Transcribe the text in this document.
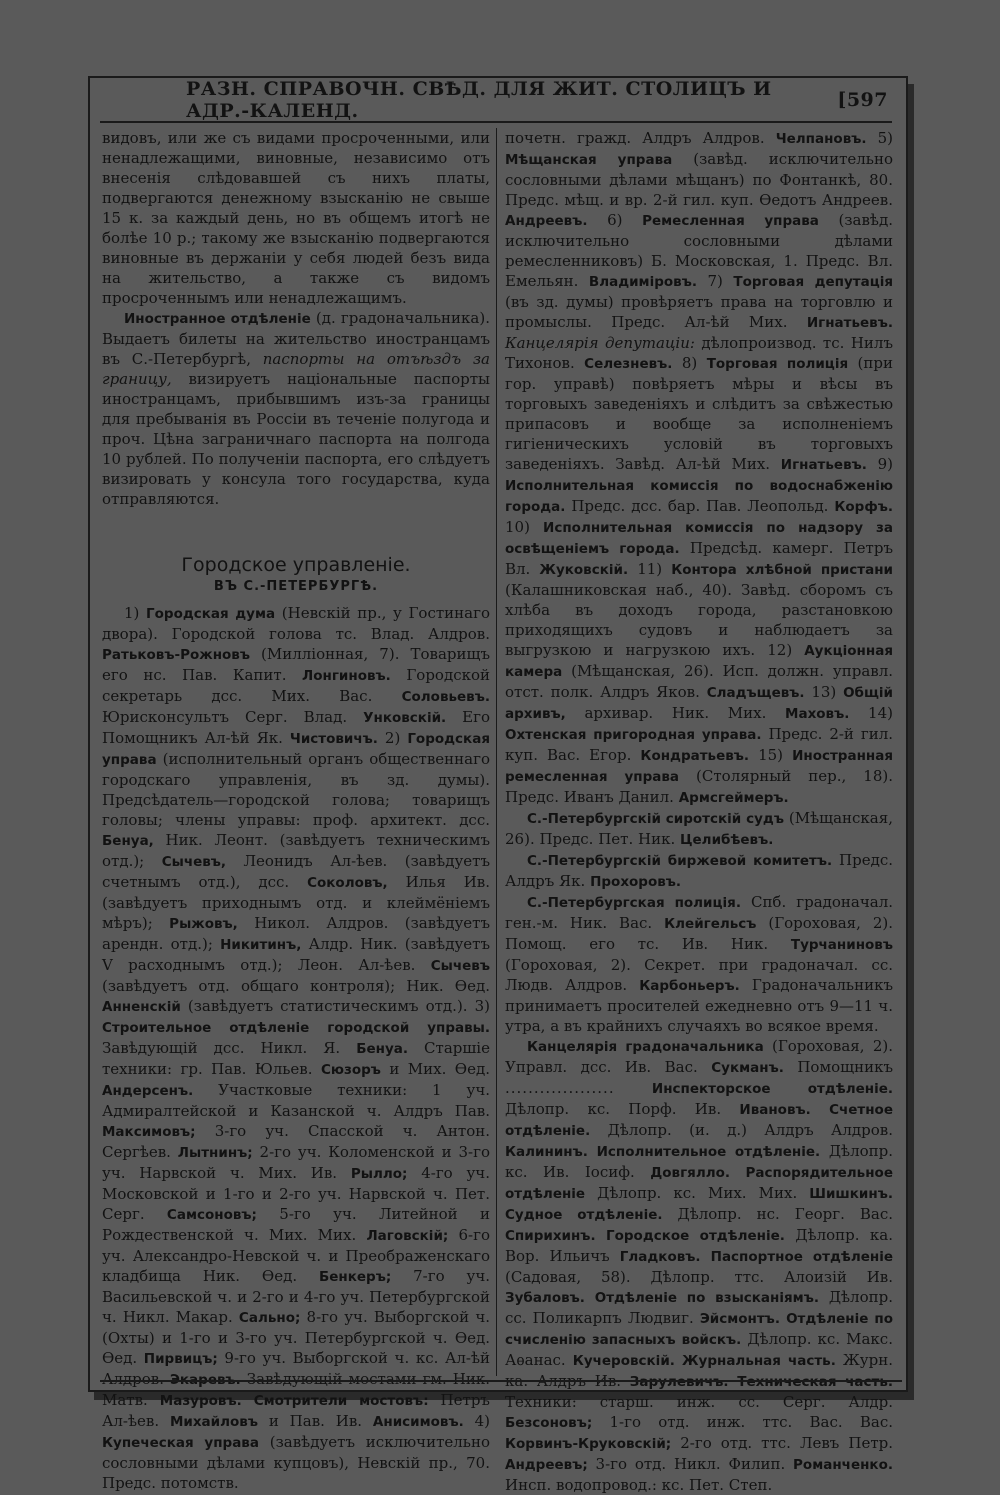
РАЗН. СПРАВОЧН. СВѢД. ДЛЯ ЖИТ. СТОЛИЦЪ И АДР.-КАЛЕНД.	[597

видовъ, или же съ видами просроченными, или ненадлежащими, виновные, независимо отъ внесенія слѣдовавшей съ нихъ платы, подвергаются денежному взысканію не свыше 15 к. за каждый день, но въ общемъ итогѣ не болѣе 10 р.; такому же взысканію подвергаются виновные въ держаніи у себя людей безъ вида на жительство, а также съ видомъ просроченнымъ или ненадлежащимъ.

Иностранное отдѣленіе (д. градоначальника). Выдаетъ билеты на жительство иностранцамъ въ С.-Петербургѣ, паспорты на отъѣздъ за границу, визируетъ національные паспорты иностранцамъ, прибывшимъ изъ-за границы для пребыванія въ Россіи въ теченіе полугода и проч. Цѣна заграничнаго паспорта на полгода 10 рублей. По полученіи паспорта, его слѣдуетъ визировать у консула того государства, куда отправляются.

Городское управленіе.
ВЪ С.-ПЕТЕРБУРГѢ.

1) Городская дума (Невскій пр., у Гостинаго двора). Городской голова тс. Влад. Алдров. Ратьковъ-Рожновъ (Милліонная, 7). Товарищъ его нс. Пав. Капит. Лонгиновъ. Городской секретарь дсс. Мих. Вас. Соловьевъ. Юрисконсультъ Серг. Влад. Унковскій. Его Помощникъ Ал-ѣй Як. Чистовичъ. 2) Городская управа (исполнительный органъ общественнаго городскаго управленія, въ зд. думы). Предсѣдатель—городской голова; товарищъ головы; члены управы: проф. архитект. дсс. Бенуа, Ник. Леонт. (завѣдуетъ техническимъ отд.); Сычевъ, Леонидъ Ал-ѣев. (завѣдуетъ счетнымъ отд.), дсс. Соколовъ, Илья Ив. (завѣдуетъ приходнымъ отд. и клеймёніемъ мѣръ); Рыжовъ, Никол. Алдров. (завѣдуетъ арендн. отд.); Никитинъ, Алдр. Ник. (завѣдуетъ V расходнымъ отд.); Леон. Ал-ѣев. Сычевъ (завѣдуетъ отд. общаго контроля); Ник. Ѳед. Анненскій (завѣдуетъ статистическимъ отд.). 3) Строительное отдѣленіе городской управы. Завѣдующій дсс. Никл. Я. Бенуа. Старшіе техники: гр. Пав. Юльев. Сюзоръ и Мих. Ѳед. Андерсенъ. Участковые техники: 1 уч. Адмиралтейской и Казанской ч. Алдръ Пав. Максимовъ; 3-го уч. Спасской ч. Антон. Сергѣев. Лытнинъ; 2-го уч. Коломенской и 3-го уч. Нарвской ч. Мих. Ив. Рылло; 4-го уч. Московской и 1-го и 2-го уч. Нарвской ч. Пет. Серг. Самсоновъ; 5-го уч. Литейной и Рождественской ч. Мих. Мих. Лаговскій; 6-го уч. Александро-Невской ч. и Преображенскаго кладбища Ник. Ѳед. Бенкеръ; 7-го уч. Васильевской ч. и 2-го и 4-го уч. Петербургской ч. Никл. Макар. Сально; 8-го уч. Выборгской ч. (Охты) и 1-го и 3-го уч. Петербургской ч. Ѳед. Ѳед. Пирвицъ; 9-го уч. Выборгской ч. кс. Ал-ѣй Алдров. Экаревъ. Завѣдующій мостами гм. Ник. Матв. Мазуровъ. Смотрители мостовъ: Петръ Ал-ѣев. Михайловъ и Пав. Ив. Анисимовъ. 4) Купеческая управа (завѣдуетъ исключительно сословными дѣлами купцовъ), Невскій пр., 70. Предс. потомств.

почетн. гражд. Алдръ Алдров. Челпановъ. 5) Мѣщанская управа (завѣд. исключительно сословными дѣлами мѣщанъ) по Фонтанкѣ, 80. Предс. мѣщ. и вр. 2-й гил. куп. Ѳедотъ Андреев. Андреевъ. 6) Ремесленная управа (завѣд. исключительно сословными дѣлами ремесленниковъ) Б. Московская, 1. Предс. Вл. Емельян. Владиміровъ. 7) Торговая депутація (въ зд. думы) провѣряетъ права на торговлю и промыслы. Предс. Ал-ѣй Мих. Игнатьевъ. Канцелярія депутаціи: дѣлопроизвод. тс. Нилъ Тихонов. Селезневъ. 8) Торговая полиція (при гор. управѣ) повѣряетъ мѣры и вѣсы въ торговыхъ заведеніяхъ и слѣдитъ за свѣжестью припасовъ и вообще за исполненіемъ гигіеническихъ условій въ торговыхъ заведеніяхъ. Завѣд. Ал-ѣй Мих. Игнатьевъ. 9) Исполнительная комиссія по водоснабженію города. Предс. дсс. бар. Пав. Леопольд. Корфъ. 10) Исполнительная комиссія по надзору за освѣщеніемъ города. Предсѣд. камерг. Петръ Вл. Жуковскій. 11) Контора хлѣбной пристани (Калашниковская наб., 40). Завѣд. сборомъ съ хлѣба въ доходъ города, разстановкою приходящихъ судовъ и наблюдаетъ за выгрузкою и нагрузкою ихъ. 12) Аукціонная камера (Мѣщанская, 26). Исп. должн. управл. отст. полк. Алдръ Яков. Сладъщевъ. 13) Общій архивъ, архивар. Ник. Мих. Маховъ. 14) Охтенская пригородная управа. Предс. 2-й гил. куп. Вас. Егор. Кондратьевъ. 15) Иностранная ремесленная управа (Столярный пер., 18). Предс. Иванъ Данил. Армсгеймеръ.

С.-Петербургскій сиротскій судъ (Мѣщанская, 26). Предс. Пет. Ник. Целибѣевъ.

С.-Петербургскій биржевой комитетъ. Предс. Алдръ Як. Прохоровъ.

С.-Петербургская полиція. Спб. градоначал. ген.-м. Ник. Вас. Клейгельсъ (Гороховая, 2). Помощ. его тс. Ив. Ник. Турчаниновъ (Гороховая, 2). Секрет. при градоначал. сс. Людв. Алдров. Карбоньеръ. Градоначальникъ принимаетъ просителей ежедневно отъ 9—11 ч. утра, а въ крайнихъ случаяхъ во всякое время.

Канцелярія градоначальника (Гороховая, 2). Управл. дсс. Ив. Вас. Сукманъ. Помощникъ ...................	Инспекторское отдѣленіе. Дѣлопр. кс. Порф. Ив. Ивановъ. Счетное отдѣленіе. Дѣлопр. (и. д.) Алдръ Алдров. Калининъ. Исполнительное отдѣленіе. Дѣлопр. кс. Ив. Іосиф. Довгялло. Распорядительное отдѣленіе Дѣлопр. кс. Мих. Мих. Шишкинъ. Судное отдѣленіе. Дѣлопр. нс. Георг. Вас. Спирихинъ. Городское отдѣленіе. Дѣлопр. ка. Вор. Ильичъ Гладковъ. Паспортное отдѣленіе (Садовая, 58). Дѣлопр. ттс. Алоизій Ив. Зубаловъ. Отдѣленіе по взысканіямъ. Дѣлопр. сс. Поликарпъ Людвиг. Эйсмонтъ. Отдѣленіе по счисленію запасныхъ войскъ. Дѣлопр. кс. Макс. Аѳанас. Кучеровскій. Журнальная часть. Журн. ка. Алдръ Ив. Зарулевичъ. Техническая часть. Техники: старш. инж. сс. Серг. Алдр. Безсоновъ; 1-го отд. инж. ттс. Вас. Вас. Корвинъ-Круковскій; 2-го отд. ттс. Левъ Петр. Андреевъ; 3-го отд. Никл. Филип. Романченко. Инсп. водопровод.: кс. Пет. Степ.
